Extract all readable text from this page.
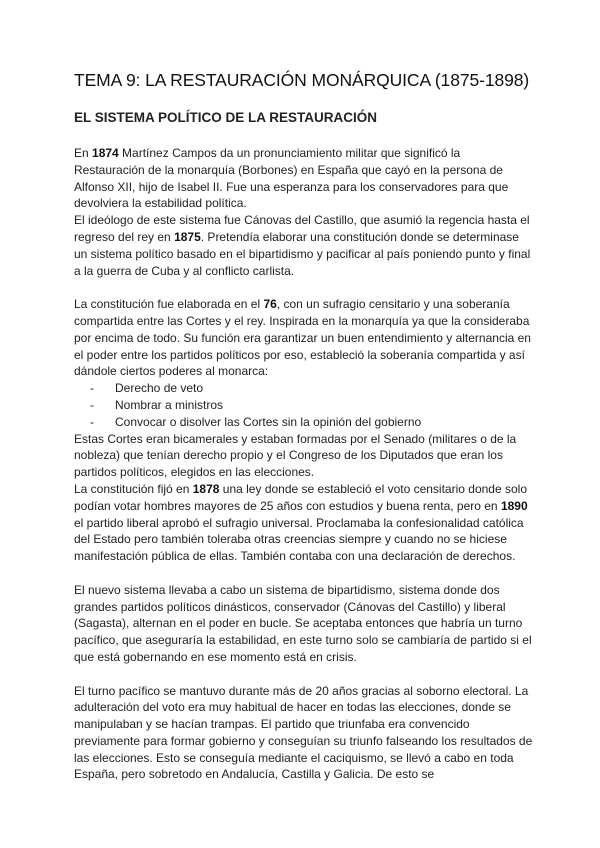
TEMA 9: LA RESTAURACIÓN MONÁRQUICA (1875-1898)
EL SISTEMA POLÍTICO DE LA RESTAURACIÓN

En 1874 Martínez Campos da un pronunciamiento militar que significó la Restauración de la monarquía (Borbones) en España que cayó en la persona de Alfonso XII, hijo de Isabel II. Fue una esperanza para los conservadores para que devolviera la estabilidad política.

El ideólogo de este sistema fue Cánovas del Castillo, que asumió la regencia hasta el regreso del rey en 1875. Pretendía elaborar una constitución donde se determinase un sistema político basado en el bipartidismo y pacificar al país poniendo punto y final a la guerra de Cuba y al conflicto carlista.

La constitución fue elaborada en el 76, con un sufragio censitario y una soberanía compartida entre las Cortes y el rey. Inspirada en la monarquía ya que la consideraba por encima de todo. Su función era garantizar un buen entendimiento y alternancia en el poder entre los partidos políticos por eso, estableció la soberanía compartida y así dándole ciertos poderes al monarca:

- Derecho de veto
- Nombrar a ministros
- Convocar o disolver las Cortes sin la opinión del gobierno

Estas Cortes eran bicamerales y estaban formadas por el Senado (militares o de la nobleza) que tenían derecho propio y el Congreso de los Diputados que eran los partidos políticos, elegidos en las elecciones.

La constitución fijó en 1878 una ley donde se estableció el voto censitario donde solo podían votar hombres mayores de 25 años con estudios y buena renta, pero en 1890 el partido liberal aprobó el sufragio universal. Proclamaba la confesionalidad católica del Estado pero también toleraba otras creencias siempre y cuando no se hiciese manifestación pública de ellas. También contaba con una declaración de derechos.

El nuevo sistema llevaba a cabo un sistema de bipartidismo, sistema donde dos grandes partidos políticos dinásticos, conservador (Cánovas del Castillo) y liberal (Sagasta), alternan en el poder en bucle. Se aceptaba entonces que habría un turno pacífico, que aseguraría la estabilidad, en este turno solo se cambiaría de partido si el que está gobernando en ese momento está en crisis.

El turno pacífico se mantuvo durante más de 20 años gracias al soborno electoral. La adulteración del voto era muy habitual de hacer en todas las elecciones, donde se manipulaban y se hacían trampas. El partido que triunfaba era convencido previamente para formar gobierno y conseguían su triunfo falseando los resultados de las elecciones. Esto se conseguía mediante el caciquismo, se llevó a cabo en toda España, pero sobretodo en Andalucía, Castilla y Galicia. De esto se
